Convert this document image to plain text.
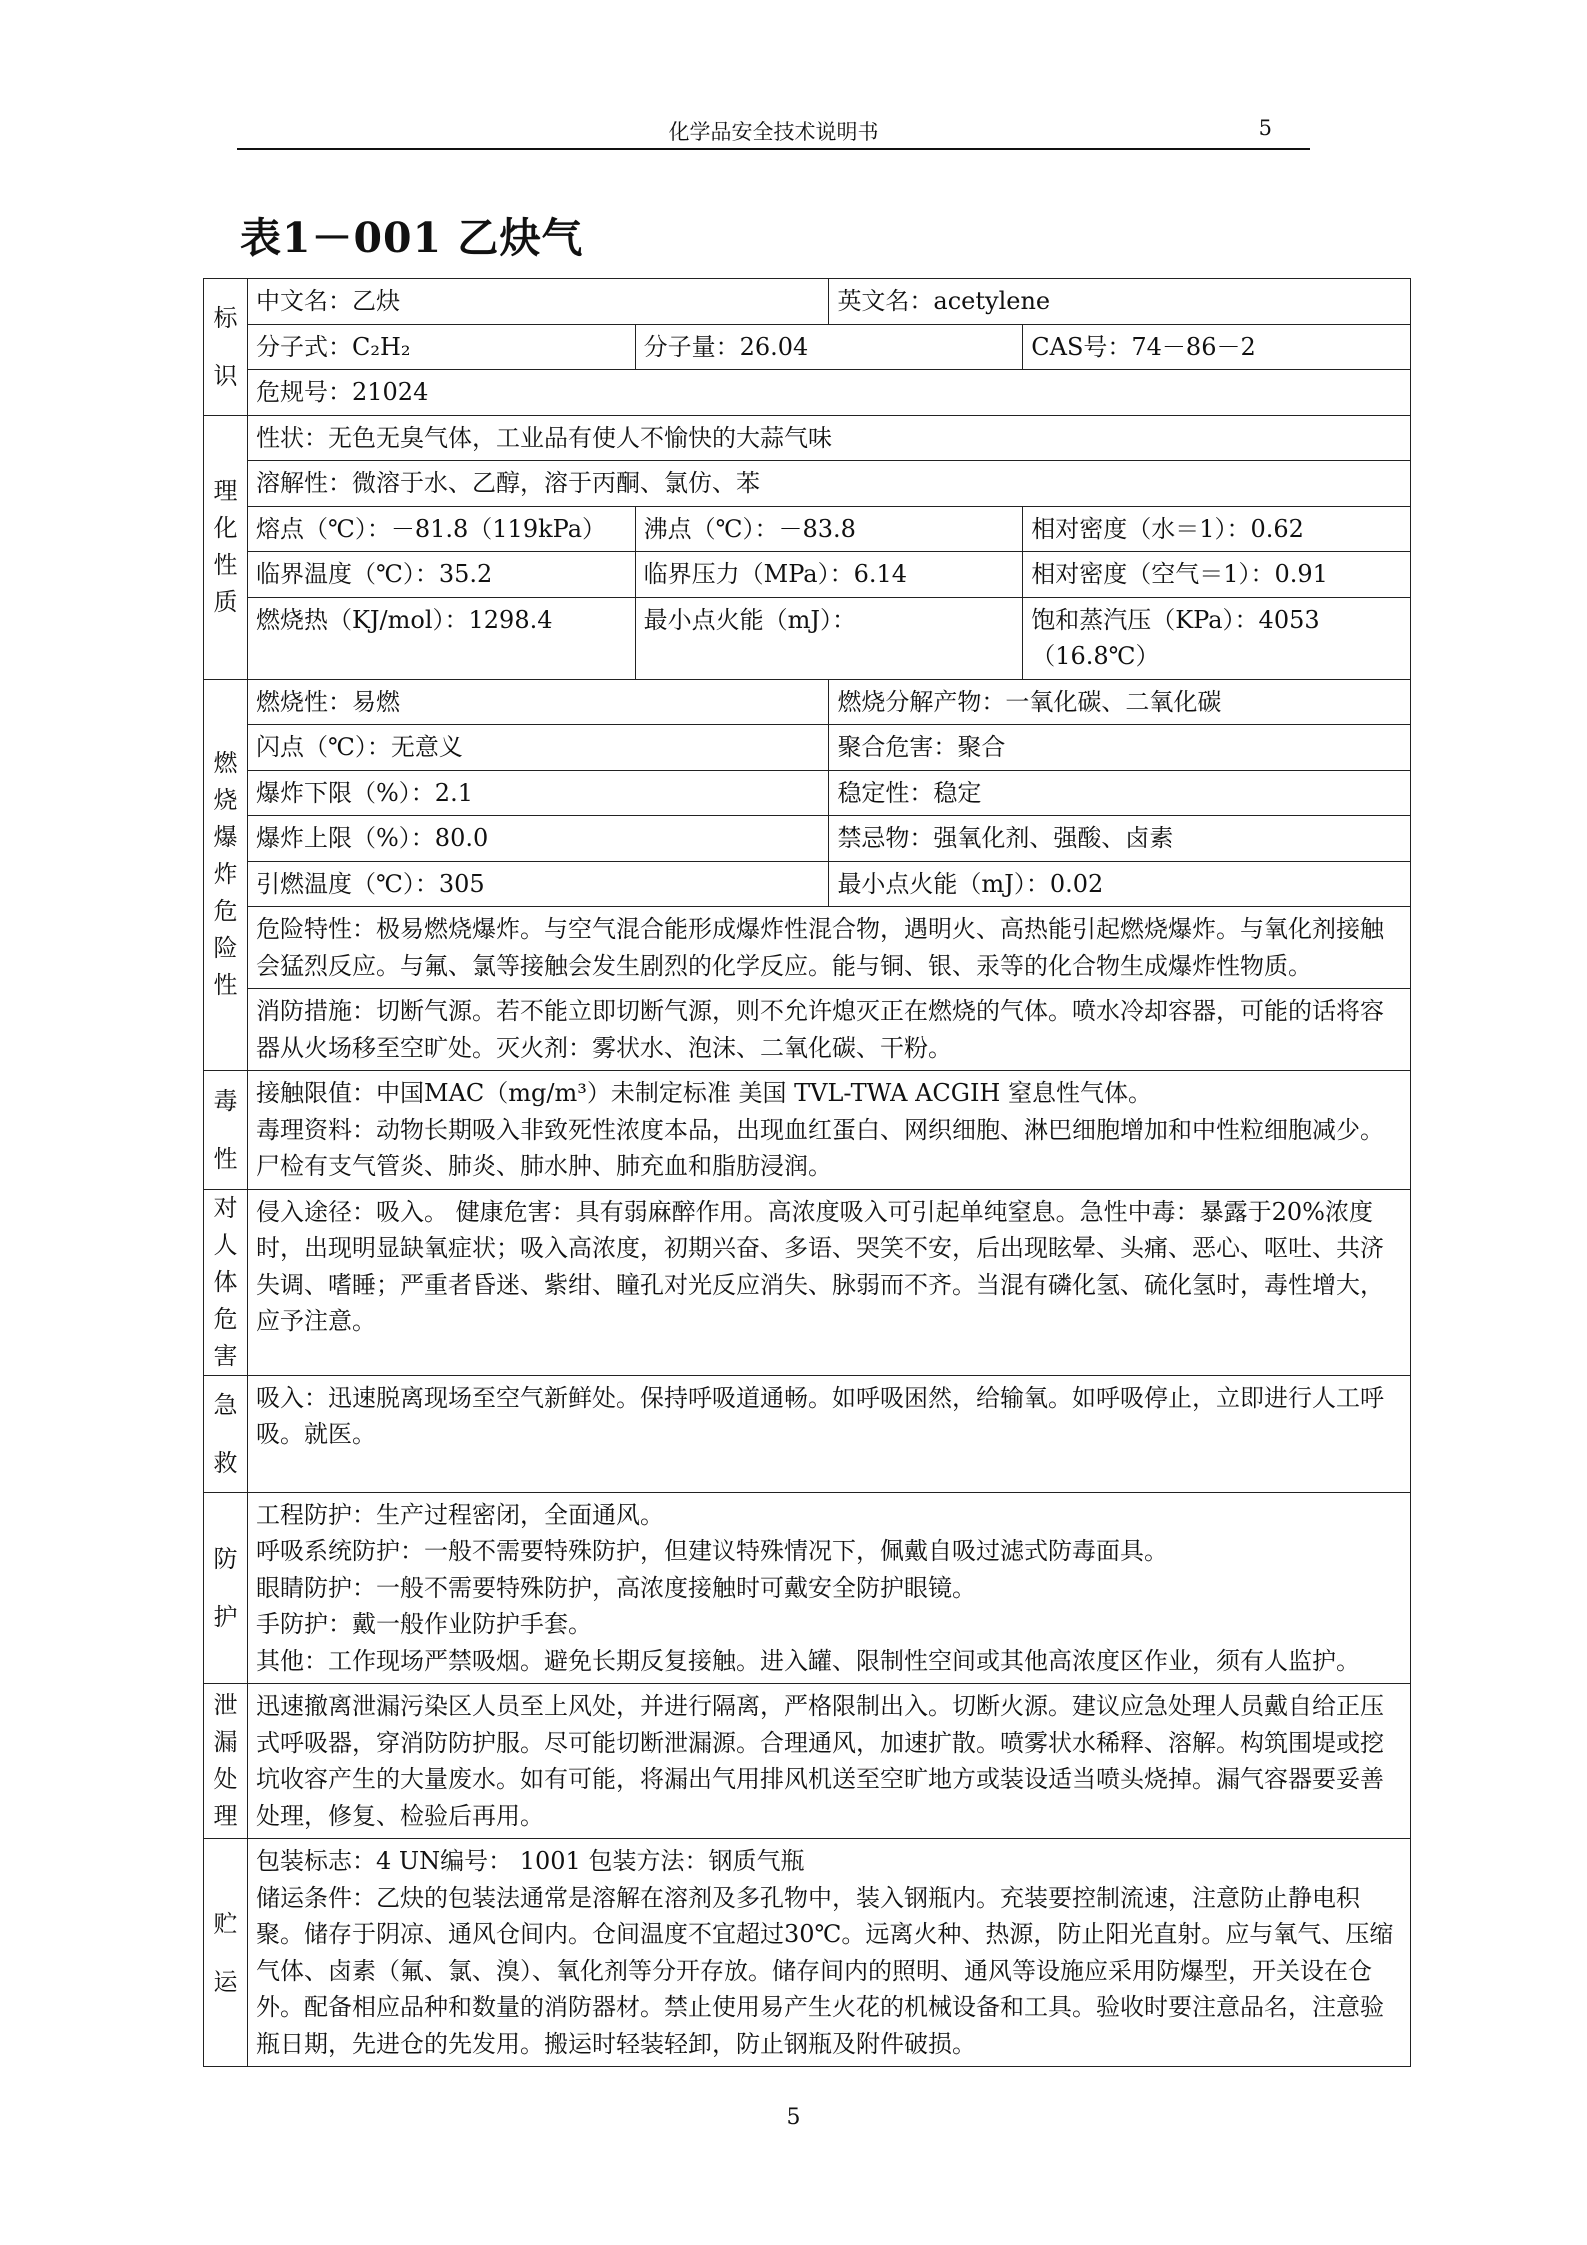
化学品安全技术说明书	5
表1－001 乙炔气
标识	中文名：乙炔		英文名：acetylene	
	分子式：C₂H₂	分子量：26.04		CAS号：74－86－2
	危规号：21024			
理化性质	性状：无色无臭气体，工业品有使人不愉快的大蒜气味			
	溶解性：微溶于水、乙醇，溶于丙酮、氯仿、苯			
	熔点（℃）：－81.8（119kPa）	沸点（℃）：－83.8		相对密度（水＝1）：0.62
	临界温度（℃）：35.2	临界压力（MPa）：6.14		相对密度（空气＝1）：0.91
	燃烧热（KJ/mol）：1298.4	最小点火能（mJ）：		饱和蒸汽压（KPa）：4053（16.8℃）
燃烧爆炸危险性	燃烧性：易燃		燃烧分解产物：一氧化碳、二氧化碳	
	闪点（℃）：无意义		聚合危害：聚合	
	爆炸下限（%）：2.1		稳定性：稳定	
	爆炸上限（%）：80.0		禁忌物：强氧化剂、强酸、卤素	
	引燃温度（℃）：305		最小点火能（mJ）：0.02	

	危险特性：极易燃烧爆炸。与空气混合能形成爆炸性混合物，遇明火、高热能引起燃烧爆炸。与氧化剂接触会猛烈反应。与氟、氯等接触会发生剧烈的化学反应。能与铜、银、汞等的化合物生成爆炸性物质。			

	消防措施：切断气源。若不能立即切断气源，则不允许熄灭正在燃烧的气体。喷水冷却容器，可能的话将容器从火场移至空旷处。灭火剂：雾状水、泡沫、二氧化碳、干粉。			

毒性	接触限值：中国MAC（mg/m³）未制定标准 美国 TVL-TWA ACGIH 窒息性气体。
毒理资料：动物长期吸入非致死性浓度本品，出现血红蛋白、网织细胞、淋巴细胞增加和中性粒细胞减少。尸检有支气管炎、肺炎、肺水肿、肺充血和脂肪浸润。			

对人体危害	侵入途径：吸入。 健康危害：具有弱麻醉作用。高浓度吸入可引起单纯窒息。急性中毒：暴露于20%浓度时，出现明显缺氧症状；吸入高浓度，初期兴奋、多语、哭笑不安，后出现眩晕、头痛、恶心、呕吐、共济失调、嗜睡；严重者昏迷、紫绀、瞳孔对光反应消失、脉弱而不齐。当混有磷化氢、硫化氢时，毒性增大，应予注意。			

急救	吸入：迅速脱离现场至空气新鲜处。保持呼吸道通畅。如呼吸困然，给输氧。如呼吸停止，立即进行人工呼吸。就医。			

防护	工程防护：生产过程密闭，全面通风。
呼吸系统防护：一般不需要特殊防护，但建议特殊情况下，佩戴自吸过滤式防毒面具。
眼睛防护：一般不需要特殊防护，高浓度接触时可戴安全防护眼镜。
手防护：戴一般作业防护手套。
其他：工作现场严禁吸烟。避免长期反复接触。进入罐、限制性空间或其他高浓度区作业，须有人监护。			

泄漏处理	迅速撤离泄漏污染区人员至上风处，并进行隔离，严格限制出入。切断火源。建议应急处理人员戴自给正压式呼吸器，穿消防防护服。尽可能切断泄漏源。合理通风，加速扩散。喷雾状水稀释、溶解。构筑围堤或挖坑收容产生的大量废水。如有可能，将漏出气用排风机送至空旷地方或装设适当喷头烧掉。漏气容器要妥善处理，修复、检验后再用。			

贮运	包装标志：4 UN编号： 1001 包装方法：钢质气瓶
储运条件：乙炔的包装法通常是溶解在溶剂及多孔物中，装入钢瓶内。充装要控制流速，注意防止静电积聚。储存于阴凉、通风仓间内。仓间温度不宜超过30℃。远离火种、热源，防止阳光直射。应与氧气、压缩气体、卤素（氟、氯、溴）、氧化剂等分开存放。储存间内的照明、通风等设施应采用防爆型，开关设在仓外。配备相应品种和数量的消防器材。禁止使用易产生火花的机械设备和工具。验收时要注意品名，注意验瓶日期，先进仓的先发用。搬运时轻装轻卸，防止钢瓶及附件破损。			
5
